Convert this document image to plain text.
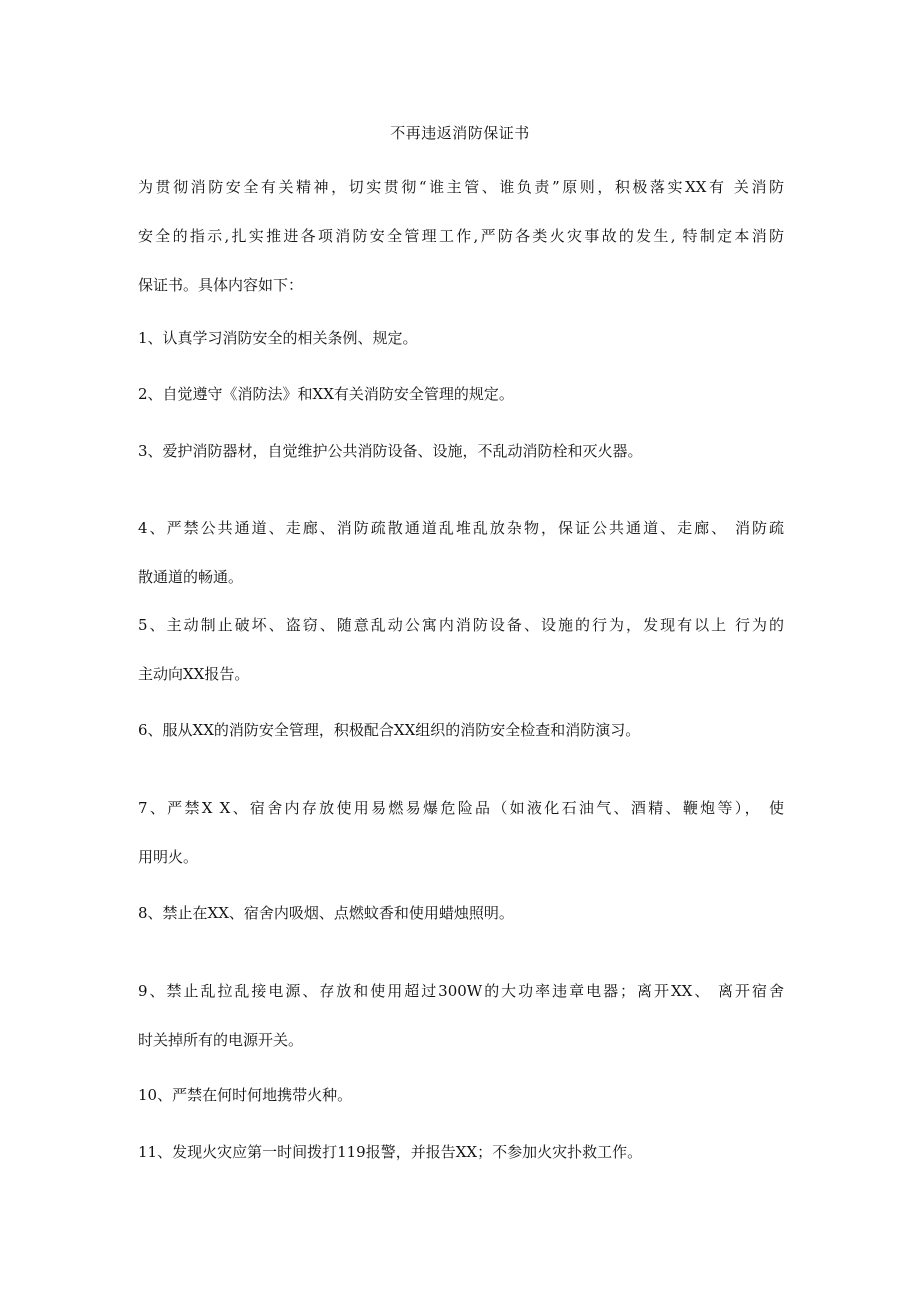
不再违返消防保证书
为贯彻消防安全有关精神，切实贯彻“谁主管、谁负责”原则，积极落实XX有 关消防
安全的指示,扎实推进各项消防安全管理工作,严防各类火灾事故的发生, 特制定本消防
保证书。具体内容如下：
1、认真学习消防安全的相关条例、规定。
2、自觉遵守《消防法》和XX有关消防安全管理的规定。
3、爱护消防器材，自觉维护公共消防设备、设施，不乱动消防栓和灭火器。
4、严禁公共通道、走廊、消防疏散通道乱堆乱放杂物，保证公共通道、走廊、 消防疏
散通道的畅通。
5、主动制止破坏、盗窃、随意乱动公寓内消防设备、设施的行为，发现有以上 行为的
主动向XX报告。
6、服从XX的消防安全管理，积极配合XX组织的消防安全检查和消防演习。
7、严禁X X、宿舍内存放使用易燃易爆危险品（如液化石油气、酒精、鞭炮等）， 使
用明火。
8、禁止在XX、宿舍内吸烟、点燃蚊香和使用蜡烛照明。
9、禁止乱拉乱接电源、存放和使用超过300W的大功率违章电器；离开XX、 离开宿舍
时关掉所有的电源开关。
10、严禁在何时何地携带火种。
11、发现火灾应第一时间拨打119报警，并报告XX；不参加火灾扑救工作。
